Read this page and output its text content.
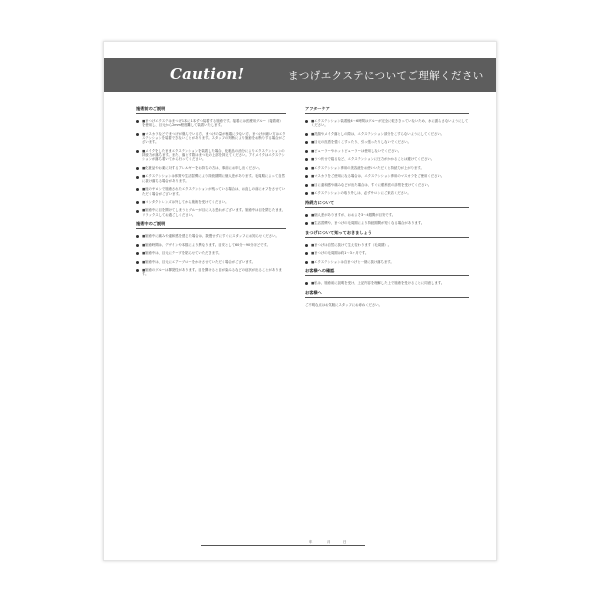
Caution!	まつげエクステについてご理解ください
施術前のご説明
■まつげエクステはまつげ1本に1本ずつ装着する施術です。接着には医療用グルー（接着剤）を使用し、目元から2mm程度離して装着いたします。
■マスカラなどでまつげが傷んでいる方、まつげの量が極端に少ない方、まつげが細い方はエクステンションを装着できないことがあります。スタッフの判断により施術をお断りする場合がございます。
■メイクをしたままエクステンションを装着した場合、化粧品の油分によりエクステンションの持続力が落ちます。また、落とす際はまつ毛の上部を抑えてください。アイメイクはエクステンションが落ち着いてから行ってください。
■化粧品やお薬に対するアレルギーをお持ちの方は、事前にお申し出ください。
■エクステンションは体質や生活習慣により持続期間に個人差があります。毛周期によって自然に抜け落ちる場合があります。
■他のサロンで施術されたエクステンションが残っている場合は、お直しの前にオフをさせていただく場合がございます。
■コンタクトレンズは外してから施術を受けてください。
■施術中に目を開けてしまうとグルーが目に入る恐れがございます。施術中は目を閉じたまま、リラックスしてお過ごしください。
施術中のご説明
■施術中に痛みや違和感を感じた場合は、我慢せずにすぐにスタッフにお知らせください。
■施術時間は、デザインや本数により異なります。目安として60分〜90分ほどです。
■施術中は、目元にテープを貼らせていただきます。
■施術中は、目元にエアーブローをかけさせていただく場合がございます。
■施術のグルーは揮発性があります。目を開けると目が染みるなどの症状が出ることがあります。
アフターケア
■エクステンション装着後4〜6時間はグルーが完全に乾ききっていないため、水に濡らさないようにしてください。
■洗顔やメイク落としの際は、エクステンション部分をこすらないようにしてください。
■目元の皮膚を強くこすったり、引っ張ったりしないでください。
■ビューラーやホットビューラーは使用しないでください。
■うつ伏せで寝るなど、エクステンションに圧力がかかることは避けてください。
■エクステンション専用の美容液をお使いいただくと持続力が上がります。
■マスカラをご使用になる場合は、エクステンション専用のマスカラをご使用ください。
■目に違和感や痛みなどが出た場合は、すぐに眼科医の診察を受けてください。
■エクステンションの取り外しは、必ずサロンにご来店ください。
持続力について
■個人差がありますが、おおよそ3〜4週間が目安です。
■生活習慣や、まつげの毛周期により持続期間が短くなる場合があります。
まつげについて知っておきましょう
■まつげは自然に抜けて生え変わります（毛周期）。
■まつげの毛周期は約1〜3ヶ月です。
■エクステンションは自まつげと一緒に抜け落ちます。
お客様への確認
■私は、施術前に説明を受け、上記内容を理解した上で施術を受けることに同意します。
お客様へ
ご不明な点はお気軽にスタッフにお尋ねください。
年	月	日
